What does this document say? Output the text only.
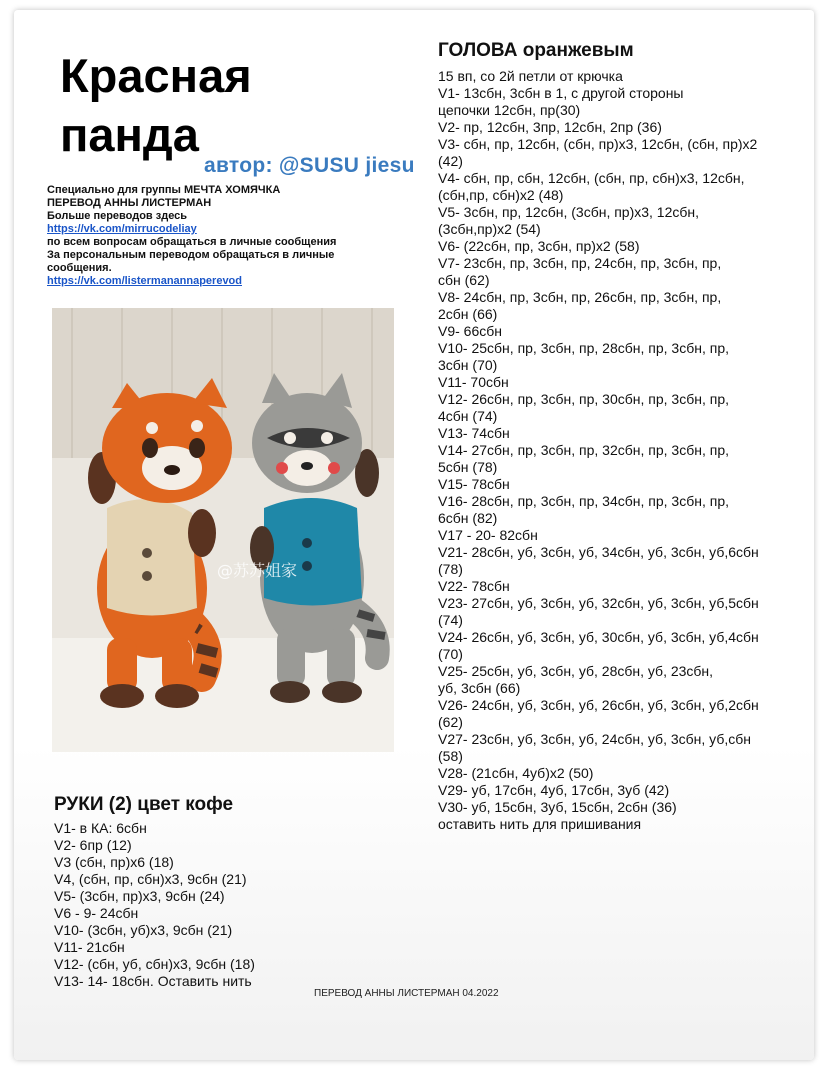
Красная
панда
автор: @SUSU jiesu
Специально для группы МЕЧТА ХОМЯЧКА
ПЕРЕВОД АННЫ ЛИСТЕРМАН
Больше переводов здесь
https://vk.com/mirrucodeliay
по всем вопросам обращаться в личные сообщения
За персональным переводом обращаться в личные сообщения.
https://vk.com/listermanannaperevod
@苏苏姐家
РУКИ (2) цвет кофе
V1- в КА: 6сбн
V2- 6пр (12)
V3 (сбн, пр)х6 (18)
V4, (сбн, пр, сбн)х3, 9сбн (21)
V5- (3сбн, пр)х3, 9сбн (24)
V6 - 9- 24сбн
V10- (3сбн, уб)х3, 9сбн (21)
V11- 21сбн
V12- (сбн, уб, сбн)х3, 9сбн (18)
V13- 14- 18сбн. Оставить нить
ГОЛОВА оранжевым
15 вп, со 2й петли от крючка
V1- 13сбн, 3сбн в 1, с другой стороны
цепочки 12сбн, пр(30)
V2- пр, 12сбн, 3пр, 12сбн, 2пр (36)
V3- сбн, пр, 12сбн, (сбн, пр)х3, 12сбн, (сбн, пр)х2
(42)
V4- сбн, пр, сбн, 12сбн, (сбн, пр, сбн)х3, 12сбн,
(сбн,пр, сбн)х2 (48)
V5- 3сбн, пр, 12сбн, (3сбн, пр)х3, 12сбн,
(3сбн,пр)х2 (54)
V6- (22сбн, пр, 3сбн, пр)х2 (58)
V7- 23сбн, пр, 3сбн, пр, 24сбн, пр, 3сбн, пр,
сбн (62)
V8- 24сбн, пр, 3сбн, пр, 26сбн, пр, 3сбн, пр,
2сбн (66)
V9- 66сбн
V10- 25сбн, пр, 3сбн, пр, 28сбн, пр, 3сбн, пр,
3сбн (70)
V11- 70сбн
V12- 26сбн, пр, 3сбн, пр, 30сбн, пр, 3сбн, пр,
4сбн (74)
V13- 74сбн
V14- 27сбн, пр, 3сбн, пр, 32сбн, пр, 3сбн, пр,
5сбн (78)
V15- 78сбн
V16- 28сбн, пр, 3сбн, пр, 34сбн, пр, 3сбн, пр,
6сбн (82)
V17 - 20- 82сбн
V21- 28сбн, уб, 3сбн, уб, 34сбн, уб, 3сбн, уб,6сбн
(78)
V22- 78сбн
V23- 27сбн, уб, 3сбн, уб, 32сбн, уб, 3сбн, уб,5сбн
(74)
V24- 26сбн, уб, 3сбн, уб, 30сбн, уб, 3сбн, уб,4сбн
(70)
V25- 25сбн, уб, 3сбн, уб, 28сбн, уб, 23сбн,
уб, 3сбн (66)
V26- 24сбн, уб, 3сбн, уб, 26сбн, уб, 3сбн, уб,2сбн
(62)
V27- 23сбн, уб, 3сбн, уб, 24сбн, уб, 3сбн, уб,сбн
(58)
V28- (21сбн, 4уб)х2 (50)
V29- уб, 17сбн, 4уб, 17сбн, 3уб (42)
V30- уб, 15сбн, 3уб, 15сбн, 2сбн (36)
оставить нить для пришивания
ПЕРЕВОД АННЫ ЛИСТЕРМАН 04.2022
